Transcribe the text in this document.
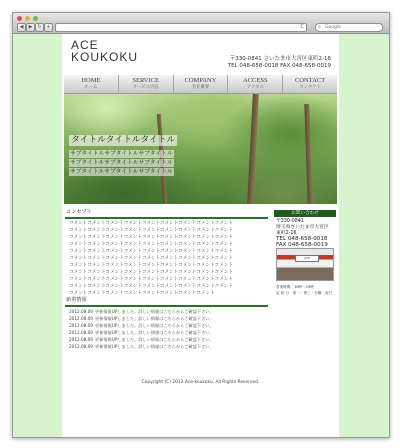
◀	▶ ↻ +	C	⌕ Google
ACE
KOUKOKU	〒330-0841 さいたま市大宮区東町2-16
TEL 048-658-0018 FAX 048-658-0019
HOME
ホーム
SERVICE
サービス内容
COMPANY
会社概要
ACCESS
アクセス
CONTACT
コンタクト
タイトルタイトルタイトル
サブタイトルサブタイトルサブタイトル
サブタイトルサブタイトルサブタイトル
サブタイトルサブタイトルサブタイトル
コンセプト
コメントコメントコメントコメントコメントコメントコメントコメントコメント
コメントコメントコメントコメントコメントコメントコメントコメントコメント
コメントコメントコメントコメントコメントコメントコメントコメントコメント
コメントコメントコメントコメントコメントコメントコメントコメントコメント
コメントコメントコメントコメントコメントコメントコメントコメントコメント
コメントコメントコメントコメントコメントコメントコメントコメントコメント
コメントコメントコメントコメントコメントコメントコメントコメントコメント
コメントコメントコメントコメントコメントコメントコメントコメントコメント
コメントコメントコメントコメントコメントコメントコメントコメントコメント
コメントコメントコメントコメントコメントコメントコメントコメントコメント
コメントコメントコメントコメントコメントコメントコメントコメント
新着情報
2012.08.09 更新情報UPしました。詳しい情報はこちらからご確認下さい。
2012.08.09 更新情報UPしました。詳しい情報はこちらからご確認下さい。
2012.08.09 更新情報UPしました。詳しい情報はこちらからご確認下さい。
2012.08.09 更新情報UPしました。詳しい情報はこちらからご確認下さい。
2012.08.09 更新情報UPしました。詳しい情報はこちらからご確認下さい。
2012.08.09 更新情報UPしました。詳しい情報はこちらからご確認下さい。
お問い合わせ
〒330-0841
埼玉県さいたま市大宮区
東町2-16
TEL 048-658-0018
FAX 048-658-0019
ACE
営業時間　10時〜19時
定 休 日　第一・第三・日曜・祝日
Copyright (C) 2012 Ace-koukoku. All Rights Reserved.
